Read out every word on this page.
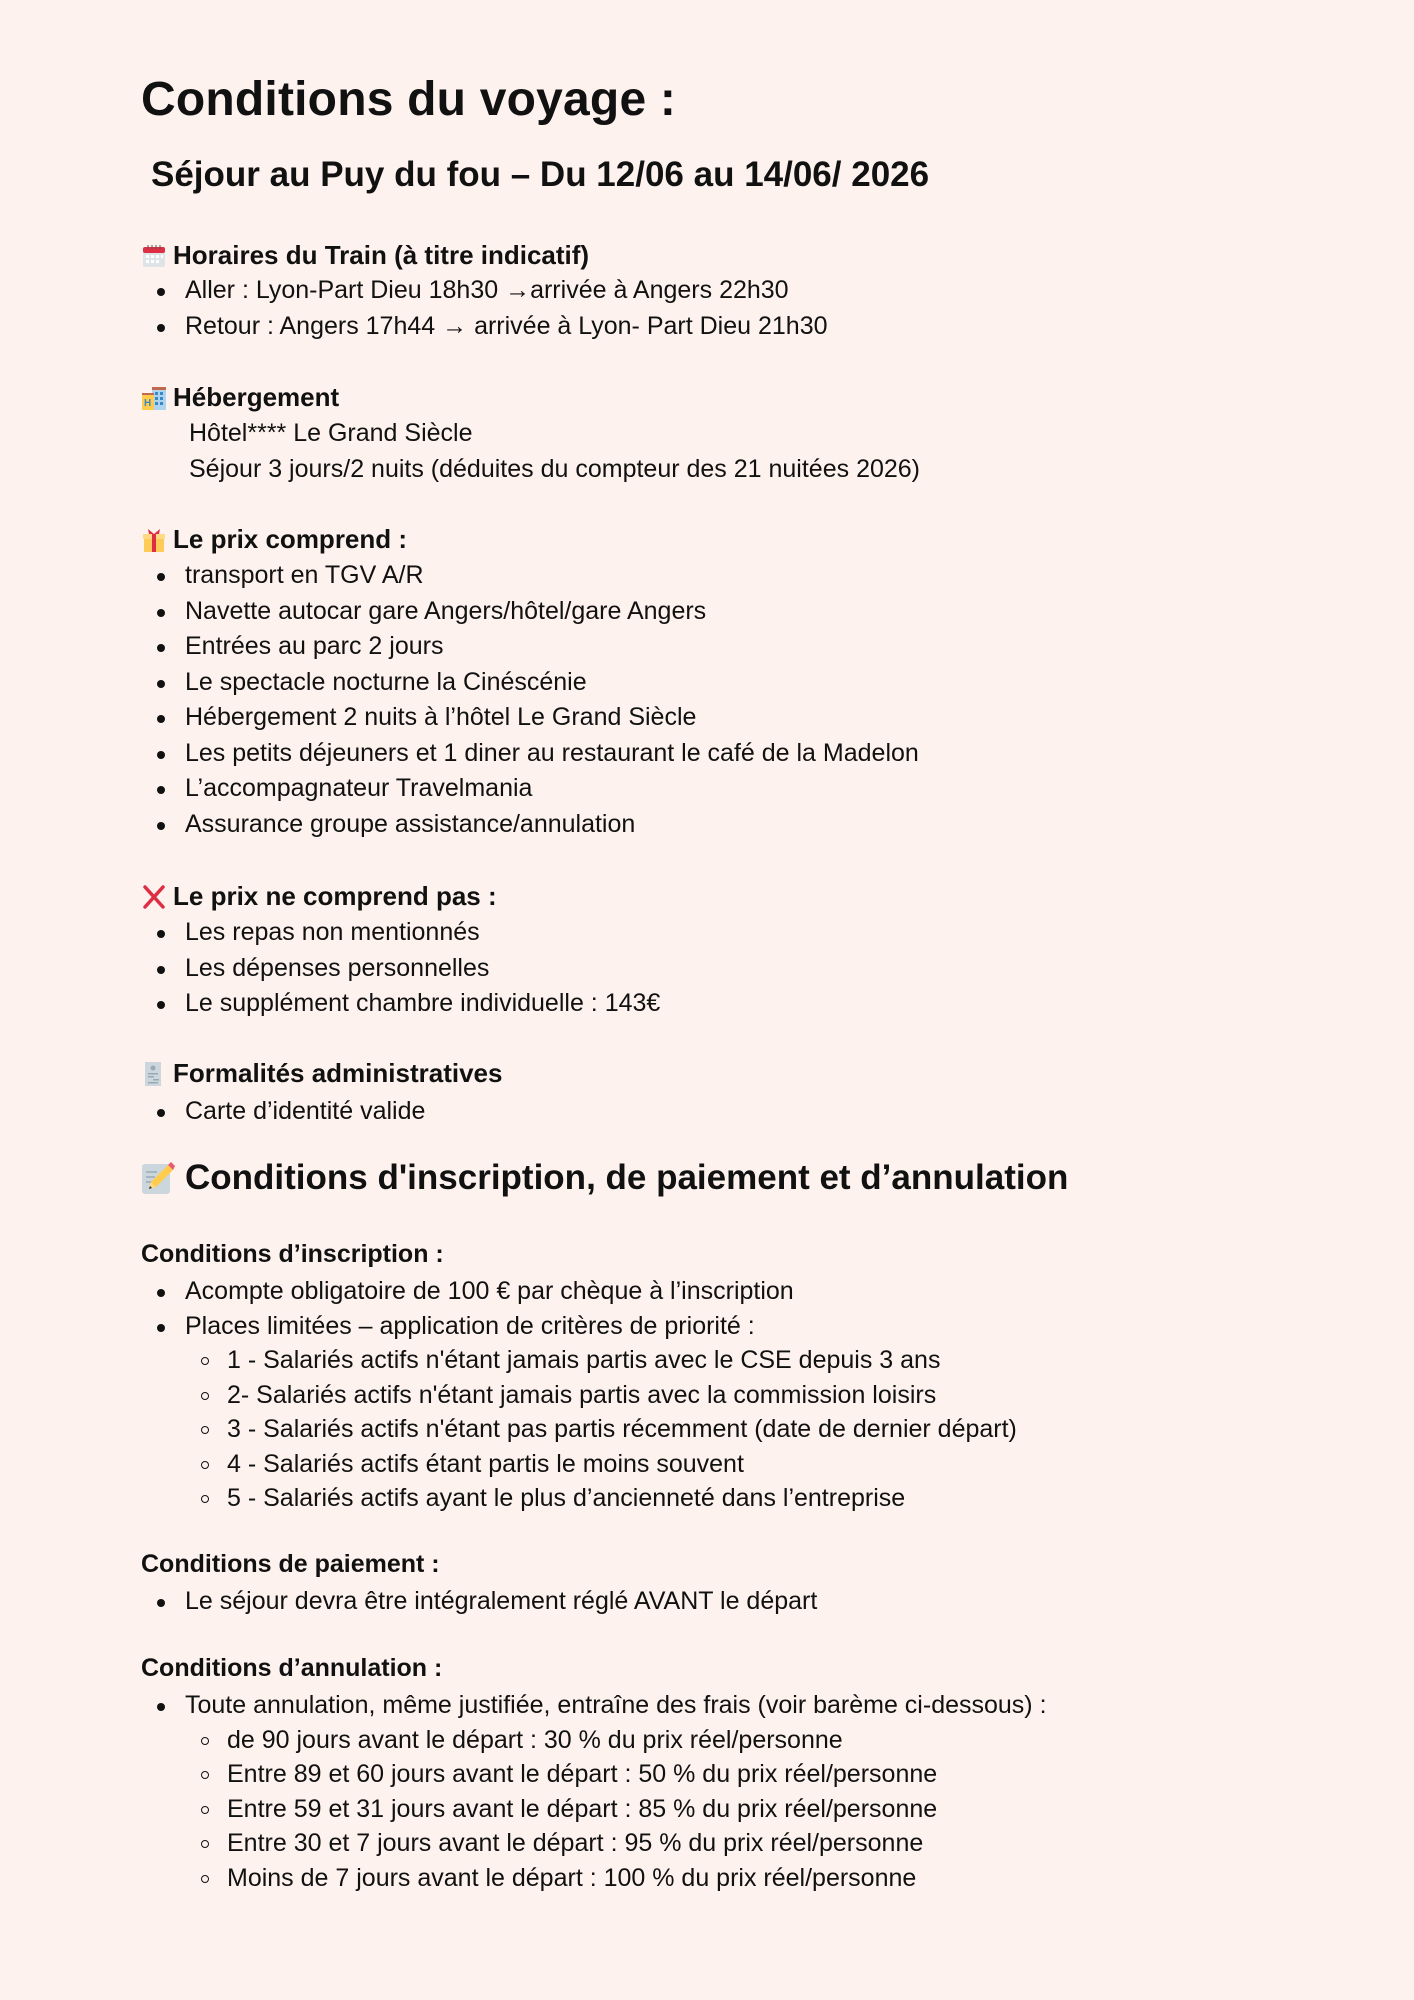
Conditions du voyage :
Séjour au Puy du fou – Du 12/06 au 14/06/ 2026
Horaires du Train (à titre indicatif)
Aller : Lyon-Part Dieu 18h30 →arrivée à Angers 22h30
Retour : Angers 17h44 → arrivée à Lyon- Part Dieu 21h30
H Hébergement
Hôtel**** Le Grand Siècle
Séjour 3 jours/2 nuits (déduites du compteur des 21 nuitées 2026)
Le prix comprend :
transport en TGV A/R
Navette autocar gare Angers/hôtel/gare Angers
Entrées au parc 2 jours
Le spectacle nocturne la Cinéscénie
Hébergement 2 nuits à l’hôtel Le Grand Siècle
Les petits déjeuners et 1 diner au restaurant le café de la Madelon
L’accompagnateur Travelmania
Assurance groupe assistance/annulation
Le prix ne comprend pas :
Les repas non mentionnés
Les dépenses personnelles
Le supplément chambre individuelle : 143€
Formalités administratives
Carte d’identité valide
Conditions d'inscription, de paiement et d’annulation
Conditions d’inscription :
Acompte obligatoire de 100 € par chèque à l’inscription
Places limitées – application de critères de priorité :
1 - Salariés actifs n'étant jamais partis avec le CSE depuis 3 ans
2- Salariés actifs n'étant jamais partis avec la commission loisirs
3 - Salariés actifs n'étant pas partis récemment (date de dernier départ)
4 - Salariés actifs étant partis le moins souvent
5 - Salariés actifs ayant le plus d’ancienneté dans l’entreprise
Conditions de paiement :
Le séjour devra être intégralement réglé AVANT le départ
Conditions d’annulation :
Toute annulation, même justifiée, entraîne des frais (voir barème ci-dessous) :
de 90 jours avant le départ : 30 % du prix réel/personne
Entre 89 et 60 jours avant le départ : 50 % du prix réel/personne
Entre 59 et 31 jours avant le départ : 85 % du prix réel/personne
Entre 30 et 7 jours avant le départ : 95 % du prix réel/personne
Moins de 7 jours avant le départ : 100 % du prix réel/personne
